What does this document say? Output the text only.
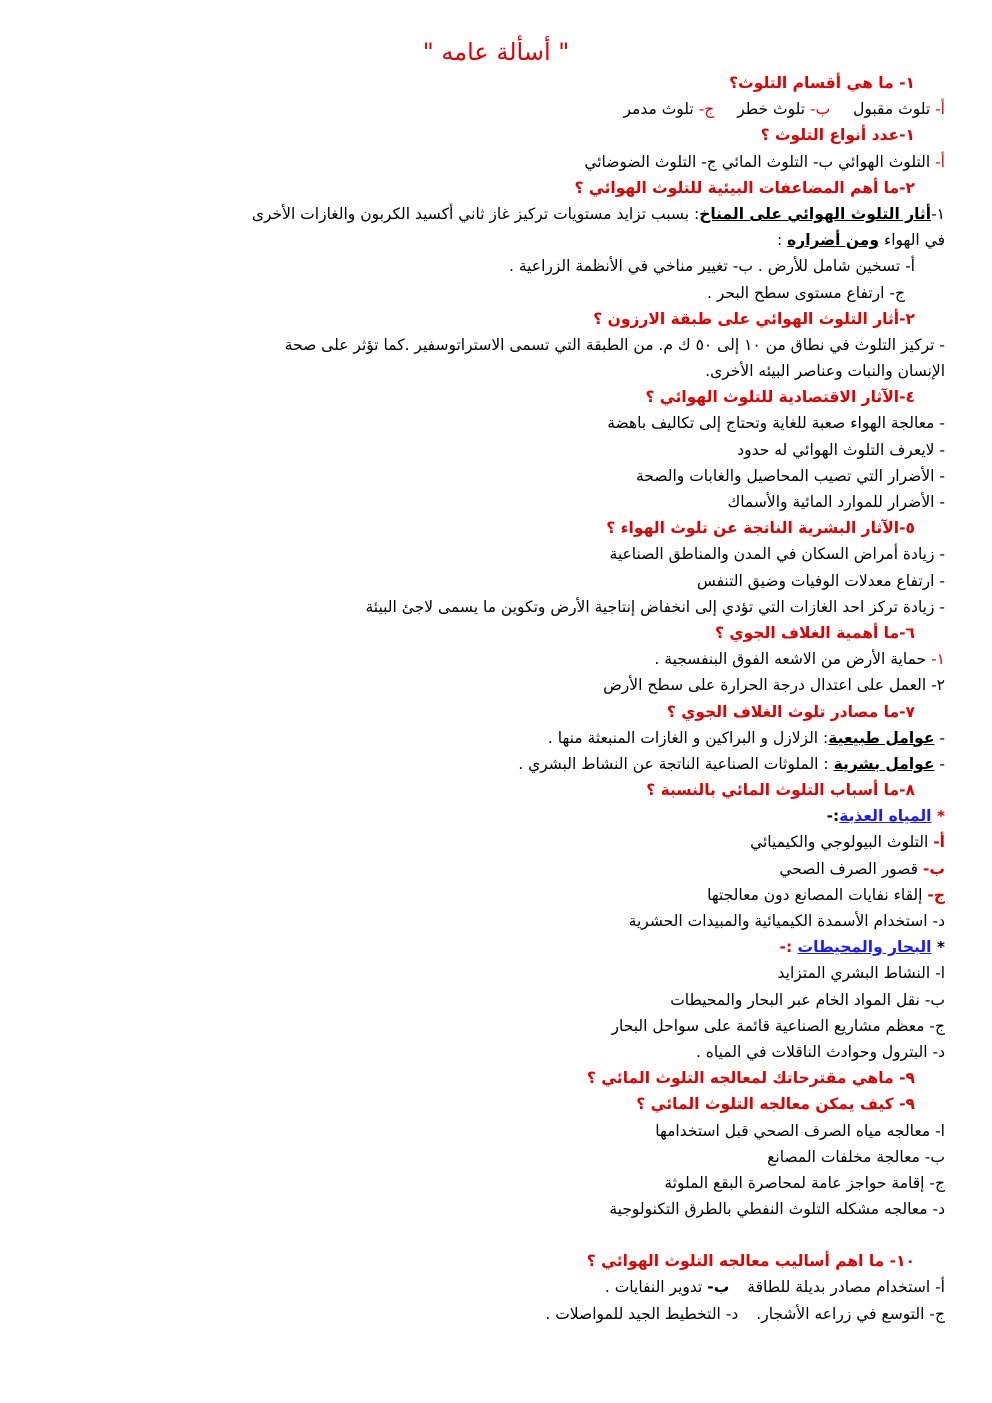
" أسألة عامه "
١- ما هي أقسام التلوث؟
أ- تلوث مقبول ب- تلوث خطر ج- تلوث مدمر
١-عدد أنواع التلوث ؟
أ- التلوث الهوائي ب- التلوث المائي ج- التلوث الضوضائي
٢-ما أهم المضاعفات البيئية للتلوث الهوائي ؟
١-أثار التلوث الهوائي على المناخ: بسبب تزايد مستويات تركيز غاز ثاني أكسيد الكربون والغازات الأخرى
في الهواء ومن أضراره :
أ- تسخين شامل للأرض . ب- تغيير مناخي في الأنظمة الزراعية .
ج- ارتفاع مستوى سطح البحر .
٢-أثار التلوث الهوائي على طبقة الارزون ؟
- تركيز التلوث في نطاق من ١٠ إلى ٥٠ ك م. من الطبقة التي تسمى الاستراتوسفير .كما تؤثر على صحة
الإنسان والنبات وعناصر البيئه الأخرى.
٤-الآثار الاقتصادية للتلوث الهوائي ؟
- معالجة الهواء صعبة للغاية وتحتاج إلى تكاليف باهضة
- لايعرف التلوث الهوائي له حدود
- الأضرار التي تصيب المحاصيل والغابات والصحة
- الأضرار للموارد المائية والأسماك
٥-الآثار البشرية الناتجة عن تلوث الهواء ؟
- زيادة أمراض السكان في المدن والمناطق الصناعية
- ارتفاع معدلات الوفيات وضيق التنفس
- زيادة تركز احد الغازات التي تؤدي إلى انخفاض إنتاجية الأرض وتكوين ما يسمى لاجئ البيئة
٦-ما أهمية الغلاف الجوي ؟
١- حماية الأرض من الاشعه الفوق البنفسجية .
٢- العمل على اعتدال درجة الحرارة على سطح الأرض
٧-ما مصادر تلوث الغلاف الجوي ؟
- عوامل طبيعية: الزلازل و البراكين و الغازات المنبعثة منها .
- عوامل بشرية : الملوثات الصناعية الناتجة عن النشاط البشري .
٨-ما أسباب التلوث المائي بالنسبة ؟
* المياه العذبة:-
أ- التلوث البيولوجي والكيميائي
ب- قصور الصرف الصحي
ج- إلقاء نفايات المصانع دون معالجتها
د- استخدام الأسمدة الكيميائية والمبيدات الحشرية
* البحار والمحيطات :-
ا- النشاط البشري المتزايد
ب- نقل المواد الخام عبر البحار والمحيطات
ج- معظم مشاريع الصناعية قائمة على سواحل البحار
د- البترول وحوادث الناقلات في المياه .
٩- ماهي مقترحاتك لمعالجه التلوث المائي ؟
٩- كيف يمكن معالجه التلوث المائي ؟
ا- معالجه مياه الصرف الصحي قبل استخدامها
ب- معالجة مخلفات المصانع
ج- إقامة حواجز عامة لمحاصرة البقع الملوثة
د- معالجه مشكله التلوث النفطي بالطرق التكنولوجية
١٠- ما اهم أساليب معالجه التلوث الهوائي ؟
أ- استخدام مصادر بديلة للطاقةب- تدوير النفايات .
ج- التوسع في زراعه الأشجار.د- التخطيط الجيد للمواصلات .
